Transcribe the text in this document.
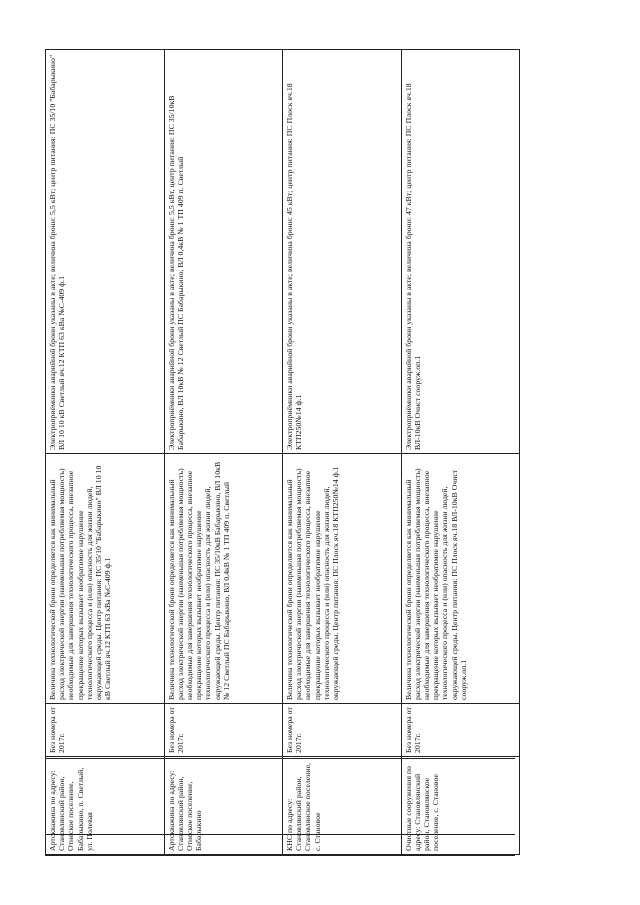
Артскважина по адресу: Становлянский район, Отнеское поселение, Бабарыкино, п. Светлый, ул. Полевая	Без номера от 2017г.	Величина технологической брони определяется как минимальный расход электрической энергии (наименьшая потребляемая мощность) необходимые для завершения технологического процесса, внезапное прекращение которых вызывает необратимое нарушение технологического процесса и (или) опасность для жизни людей, окружающей среды. Центр питания: ПС 35/10 "Бабарыкино" ВЛ 10 10 кВ Светлый яч.12 КТП 63 кВа №С-409 ф.1	Электроприёмники аварийной брони указаны в акте; величина брони: 5,5 кВт; центр питания: ПС 35/10 "Бабарыкино" ВЛ 10 10 кВ Светлый яч.12 КТП 63 кВа №С-409 ф.1
Артскважина по адресу: Становлянский район, Отнеское поселение, Бабарыкино	Без номера от 2017г.	Величина технологической брони определяется как минимальный расход электрической энергии (наименьшая потребляемая мощность) необходимые для завершения технологического процесса, внезапное прекращение которых вызывает необратимое нарушение технологического процесса и (или) опасность для жизни людей, окружающей среды. Центр питания: ПС 35/10кВ Бабарыкино, ВЛ 10кВ № 12 Светлый ПС Бабарыкино, ВЛ 0,4кВ № 1 ТП 409 п. Светлый	Электроприёмники аварийной брони указаны в акте; величина брони: 5,5 кВт, центр питания: ПС 35/10кВ Бабарыкино, ВЛ 10кВ № 12 Светлый ПС Бабарыкино, ВЛ 0,4кВ № 1 ТП 409 п. Светлый
КНС по адресу: Становлянский район, Становлянское поселение, с. Становое	Без номера от 2017г.	Величина технологической брони определяется как минимальный расход электрической энергии (наименьшая потребляемая мощность) необходимые для завершения технологического процесса, внезапное прекращение которых вызывает необратимое нарушение технологического процесса и (или) опасность для жизни людей, окружающей среды. Центр питания: ПС Плоск яч.18 КТП250№14 ф.1	Электроприёмники аварийной брони указаны в акте; величина брони: 45 кВт; центр питания: ПС Плоск яч.18 КТП250№14 ф.1
Очистные сооружения по адресу: Становлянский район, Становлянское поселение, с. Становое	Без номера от 2017г.	Величина технологической брони определяется как минимальный расход электрической энергии (наименьшая потребляемая мощность) необходимые для завершения технологического процесса, внезапное прекращение которых вызывает необратимое нарушение технологического процесса и (или) опасность для жизни людей, окружающей среды. Центр питания: ПС Плоск яч.18 ВЛ-10кВ Очист сооруж.оп.1	Электроприёмники аварийной брони указаны в акте; величина брони: 47 кВт; центр питания: ПС Плоск яч.18 ВЛ-10кВ Очист сооруж.оп.1
